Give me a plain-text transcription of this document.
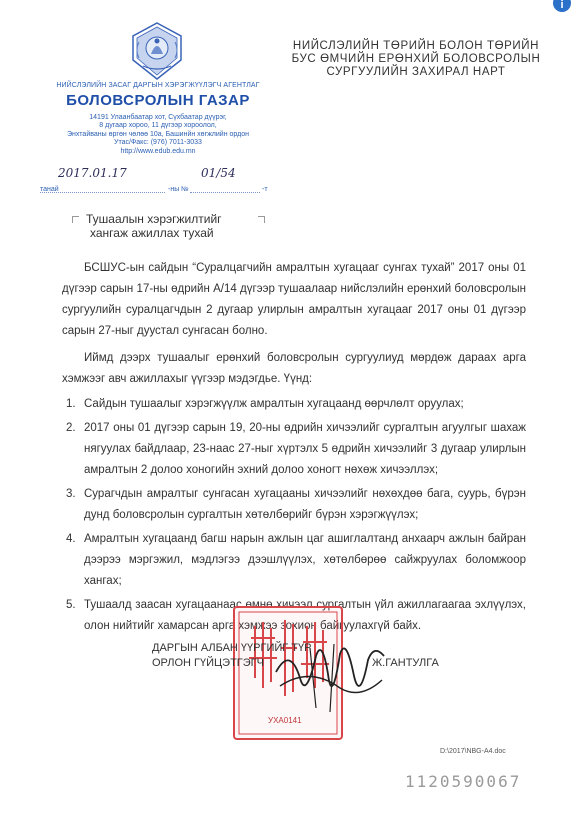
i
НИЙСЛЭЛИЙН ЗАСАГ ДАРГЫН ХЭРЭГЖҮҮЛЭГЧ АГЕНТЛАГ
БОЛОВСРОЛЫН ГАЗАР
14191 Улаанбаатар хот, Сүхбаатар дүүрэг,
8 дугаар хороо, 11 дүгээр хороолол,
Энхтайваны өргөн чөлөө 10а, Башинйн хөгжлийн ордон
Утас/Факс: (976) 7011-3033
http://www.edub.edu.mn
НИЙСЛЭЛИЙН ТӨРИЙН БОЛОН ТӨРИЙН
БУС ӨМЧИЙН ЕРӨНХИЙ БОЛОВСРОЛЫН
СУРГУУЛИЙН ЗАХИРАЛ НАРТ
2017.01.17	01/54
танай	-ны №	-т
Тушаалын хэрэгжилтийг
хангаж ажиллах тухай

БСШУС-ын сайдын “Суралцагчийн амралтын хугацааг сунгах тухай” 2017 оны 01 дүгээр сарын 17-ны өдрийн А/14 дүгээр тушаалаар нийслэлийн ерөнхий боловсролын сургуулийн суралцагчдын 2 дугаар улирлын амралтын хугацааг 2017 оны 01 дүгээр сарын 27-ныг дуустал сунгасан болно.

Иймд дээрх тушаалыг ерөнхий боловсролын сургуулиуд мөрдөж дараах арга хэмжээг авч ажиллахыг үүгээр мэдэгдье. Үүнд:

1. Сайдын тушаалыг хэрэгжүүлж амралтын хугацаанд өөрчлөлт оруулах;
2. 2017 оны 01 дүгээр сарын 19, 20-ны өдрийн хичээлийг сургалтын агуулгыг шахаж нягуулах байдлаар, 23-наас 27-ныг хүртэлх 5 өдрийн хичээлийг 3 дугаар улирлын амралтын 2 долоо хоногийн эхний долоо хоногт нөхөж хичээллэх;
3. Сурагчдын амралтыг сунгасан хугацааны хичээлийг нөхөхдөө бага, суурь, бүрэн дунд боловсролын сургалтын хөтөлбөрийг бүрэн хэрэгжүүлэх;
4. Амралтын хугацаанд багш нарын ажлын цаг ашиглалтанд анхаарч ажлын байран дээрээ мэргэжил, мэдлэгээ дээшлүүлэх, хөтөлбөрөө сайжруулах боломжоор хангах;
5. Тушаалд заасан хугацаанаас өмнө хичээл сургалтын үйл ажиллагаагаа эхлүүлэх, олон нийтийг хамарсан арга хэмжээ зохион байгуулахгүй байх.
УХА0141
ДАРГЫН АЛБАН ҮҮРГИЙГ ТҮР
ОРЛОН ГҮЙЦЭТГЭГЧ	Ж.ГАНТУЛГА
D:\2017\NBG-A4.doc
1120590067
